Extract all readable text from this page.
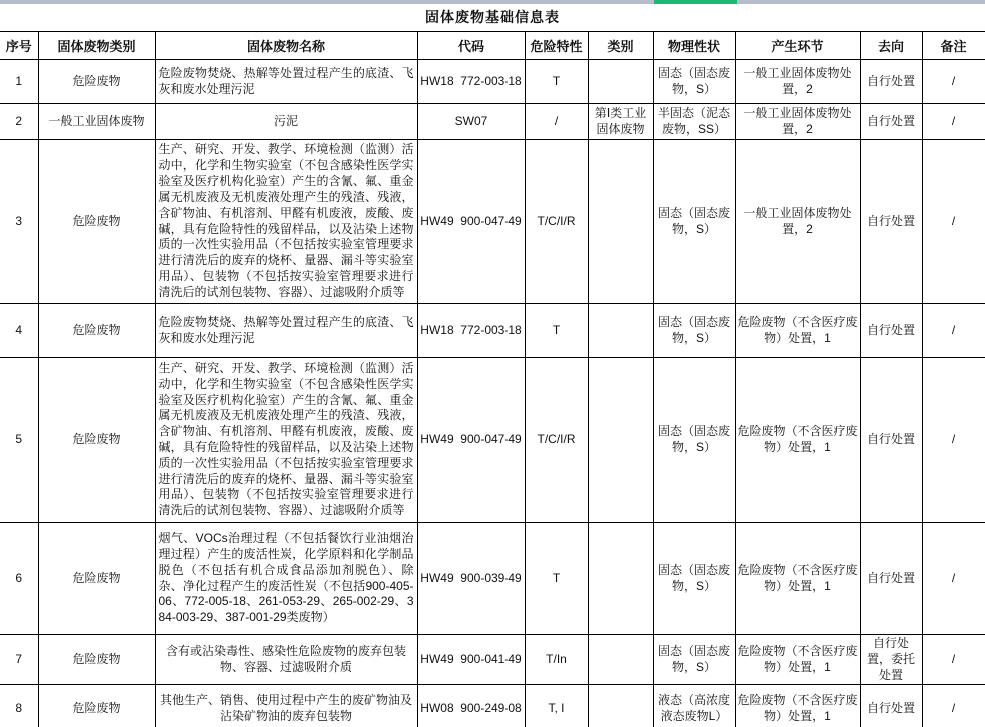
固体废物基础信息表
序号	固体废物类别	固体废物名称	代码	危险特性	类别	物理性状	产生环节	去向	备注
1	危险废物	危险废物焚烧、热解等处置过程产生的底渣、飞灰和废水处理污泥	HW18  772-003-18	T		固态（固态废物，S）	一般工业固体废物处置，2	自行处置	/
2	一般工业固体废物	污泥	SW07	/	第Ⅰ类工业固体废物	半固态（泥态废物，SS）	一般工业固体废物处置，2	自行处置	/
3	危险废物	生产、研究、开发、教学、环境检测（监测）活动中，化学和生物实验室（不包含感染性医学实验室及医疗机构化验室）产生的含氰、氟、重金属无机废液及无机废液处理产生的残渣、残液，含矿物油、有机溶剂、甲醛有机废液，废酸、废碱，具有危险特性的残留样品，以及沾染上述物质的一次性实验用品（不包括按实验室管理要求进行清洗后的废弃的烧杯、量器、漏斗等实验室用品）、包装物（不包括按实验室管理要求进行清洗后的试剂包装物、容器）、过滤吸附介质等	HW49  900-047-49	T/C/I/R		固态（固态废物，S）	一般工业固体废物处置，2	自行处置	/
4	危险废物	危险废物焚烧、热解等处置过程产生的底渣、飞灰和废水处理污泥	HW18  772-003-18	T		固态（固态废物，S）	危险废物（不含医疗废物）处置，1	自行处置	/
5	危险废物	生产、研究、开发、教学、环境检测（监测）活动中，化学和生物实验室（不包含感染性医学实验室及医疗机构化验室）产生的含氰、氟、重金属无机废液及无机废液处理产生的残渣、残液，含矿物油、有机溶剂、甲醛有机废液，废酸、废碱，具有危险特性的残留样品，以及沾染上述物质的一次性实验用品（不包括按实验室管理要求进行清洗后的废弃的烧杯、量器、漏斗等实验室用品）、包装物（不包括按实验室管理要求进行清洗后的试剂包装物、容器）、过滤吸附介质等	HW49  900-047-49	T/C/I/R		固态（固态废物，S）	危险废物（不含医疗废物）处置，1	自行处置	/
6	危险废物	烟气、VOCs治理过程（不包括餐饮行业油烟治理过程）产生的废活性炭，化学原料和化学制品脱色（不包括有机合成食品添加剂脱色）、除杂、净化过程产生的废活性炭（不包括900-405-06、772-005-18、261-053-29、265-002-29、384-003-29、387-001-29类废物）	HW49  900-039-49	T		固态（固态废物，S）	危险废物（不含医疗废物）处置，1	自行处置	/
7	危险废物	含有或沾染毒性、感染性危险废物的废弃包装物、容器、过滤吸附介质	HW49  900-041-49	T/In		固态（固态废物，S）	危险废物（不含医疗废物）处置，1	自行处置，委托处置	/
8	危险废物	其他生产、销售、使用过程中产生的废矿物油及沾染矿物油的废弃包装物	HW08  900-249-08	T, I		液态（高浓度液态废物L）	危险废物（不含医疗废物）处置，1	自行处置	/
